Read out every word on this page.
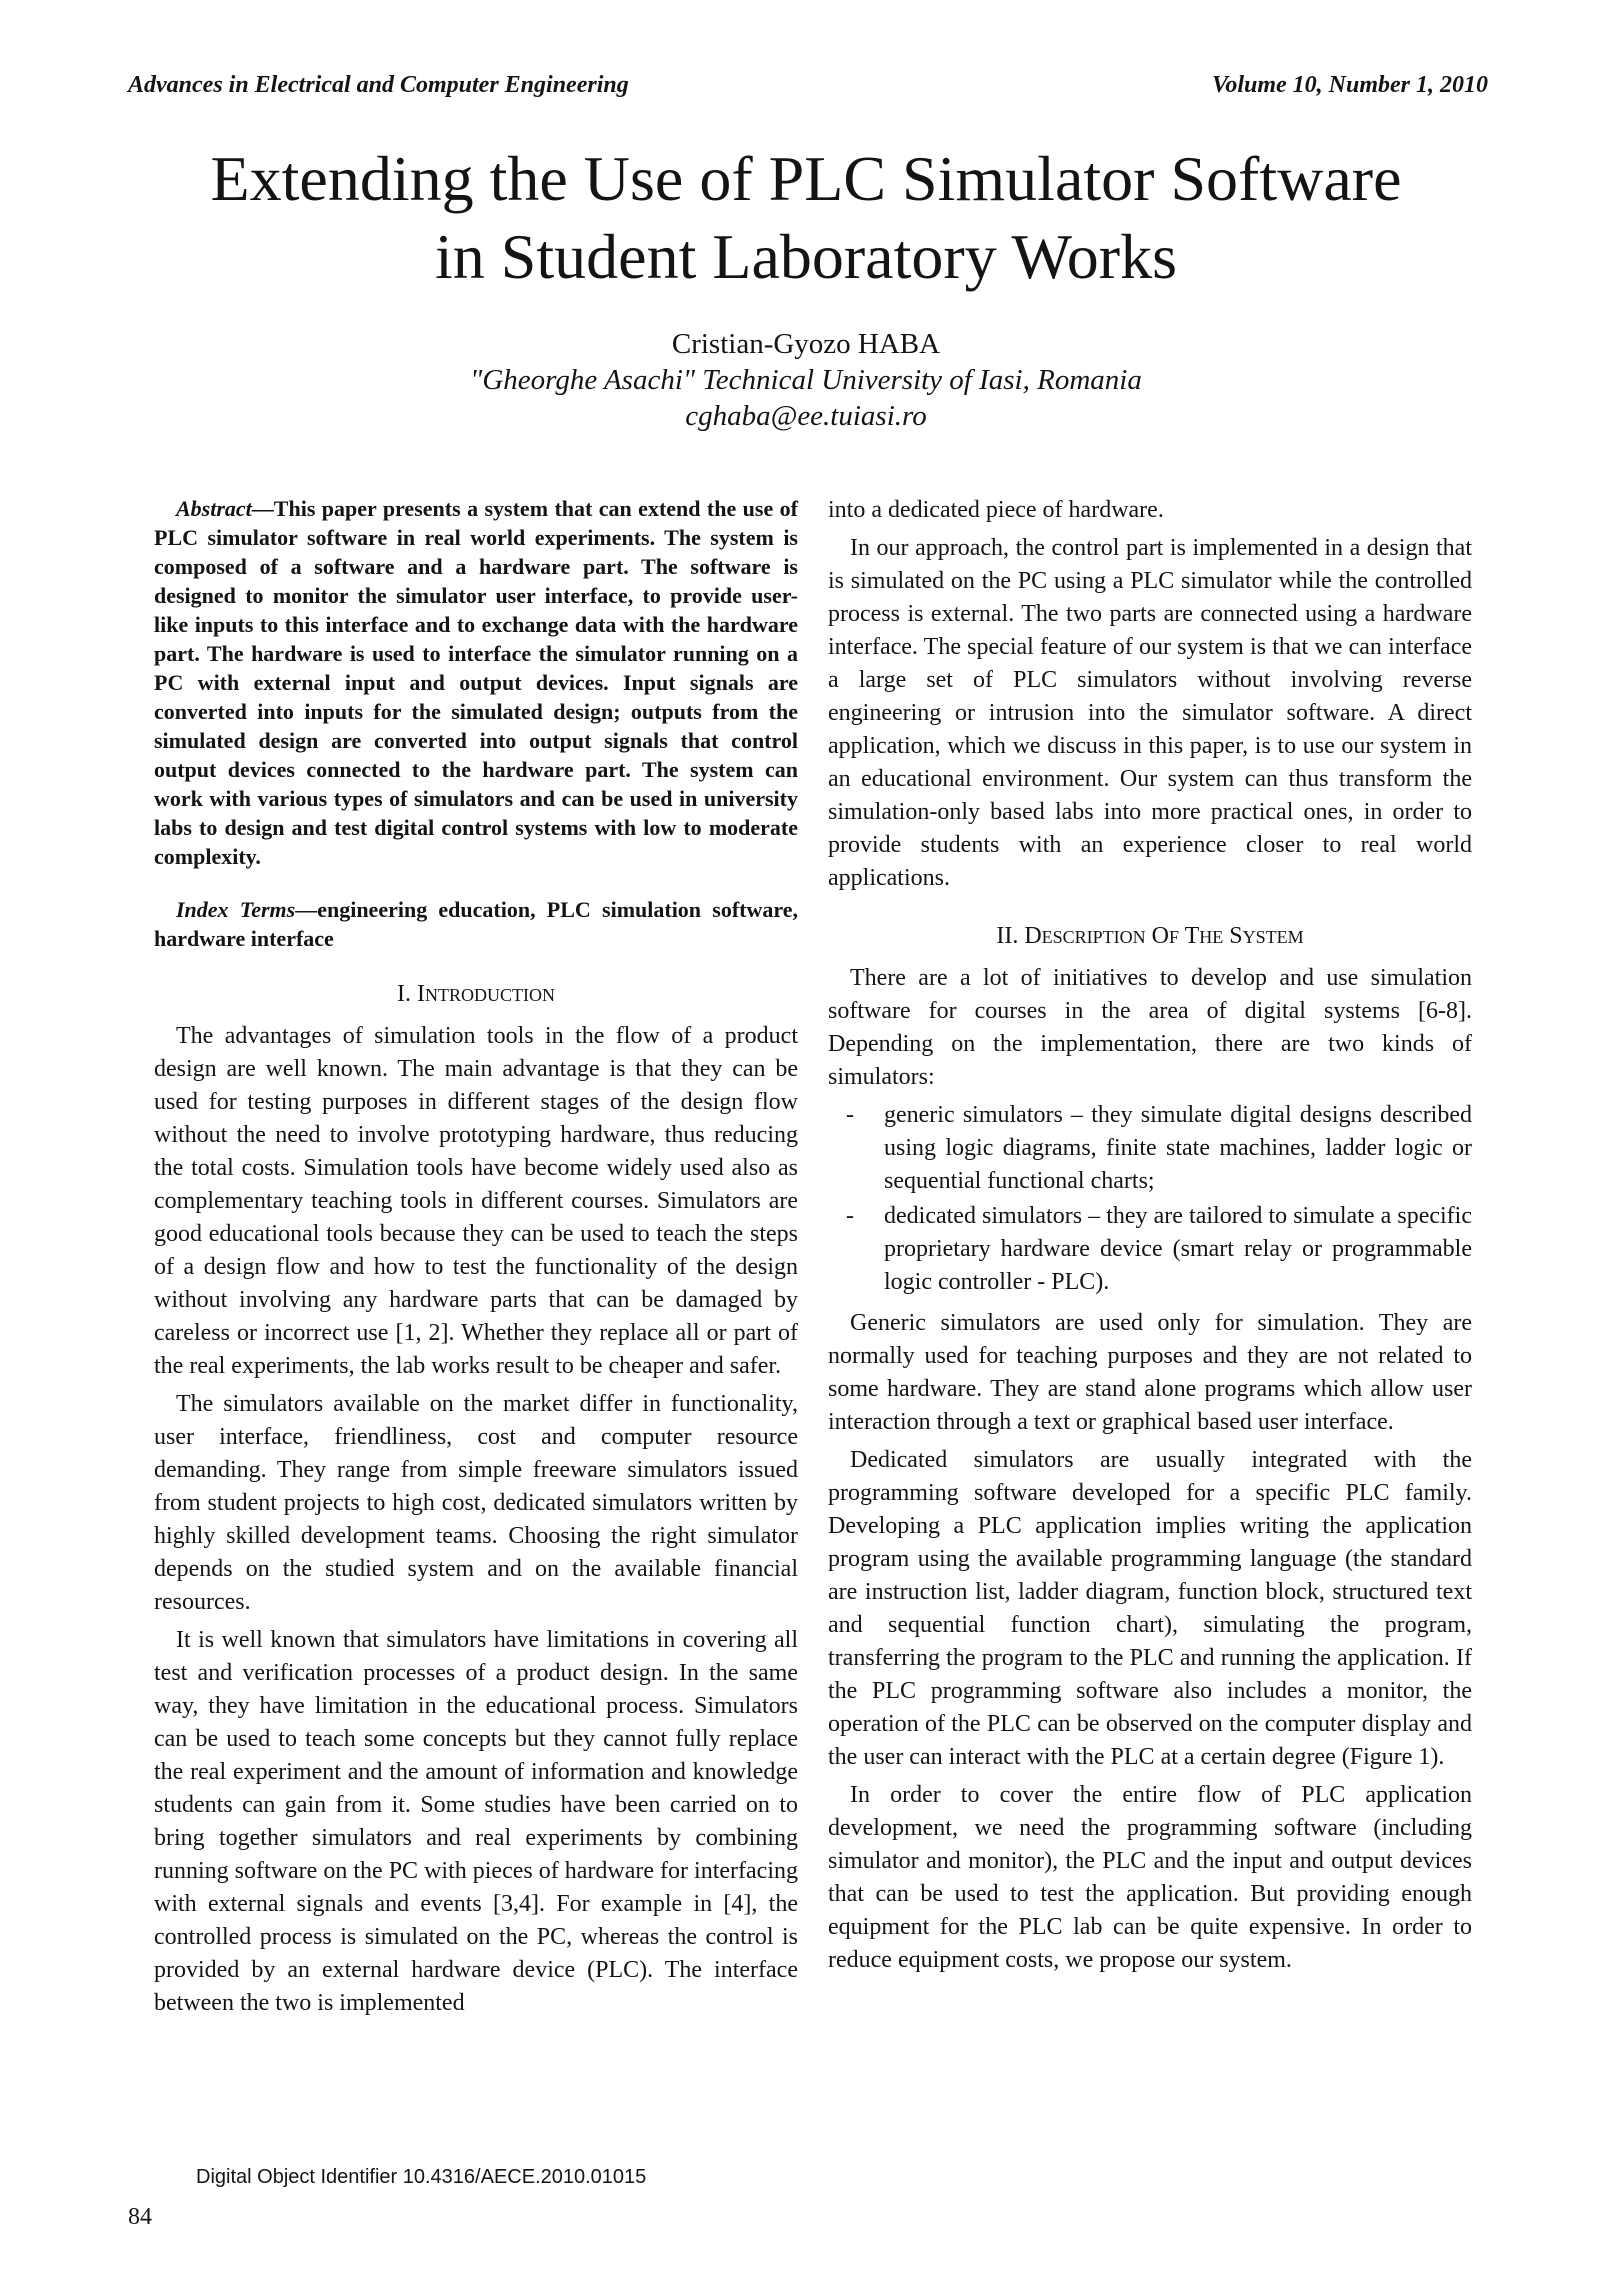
Advances in Electrical and Computer Engineering	Volume 10, Number 1, 2010
Extending the Use of PLC Simulator Software
in Student Laboratory Works
Cristian-Gyozo HABA
"Gheorghe Asachi" Technical University of Iasi, Romania
cghaba@ee.tuiasi.ro

Abstract—This paper presents a system that can extend the use of PLC simulator software in real world experiments. The system is composed of a software and a hardware part. The software is designed to monitor the simulator user interface, to provide user-like inputs to this interface and to exchange data with the hardware part. The hardware is used to interface the simulator running on a PC with external input and output devices. Input signals are converted into inputs for the simulated design; outputs from the simulated design are converted into output signals that control output devices connected to the hardware part. The system can work with various types of simulators and can be used in university labs to design and test digital control systems with low to moderate complexity.

Index Terms—engineering education, PLC simulation software, hardware interface

I. INTRODUCTION

The advantages of simulation tools in the flow of a product design are well known. The main advantage is that they can be used for testing purposes in different stages of the design flow without the need to involve prototyping hardware, thus reducing the total costs. Simulation tools have become widely used also as complementary teaching tools in different courses. Simulators are good educational tools because they can be used to teach the steps of a design flow and how to test the functionality of the design without involving any hardware parts that can be damaged by careless or incorrect use [1, 2]. Whether they replace all or part of the real experiments, the lab works result to be cheaper and safer.

The simulators available on the market differ in functionality, user interface, friendliness, cost and computer resource demanding. They range from simple freeware simulators issued from student projects to high cost, dedicated simulators written by highly skilled development teams. Choosing the right simulator depends on the studied system and on the available financial resources.

It is well known that simulators have limitations in covering all test and verification processes of a product design. In the same way, they have limitation in the educational process. Simulators can be used to teach some concepts but they cannot fully replace the real experiment and the amount of information and knowledge students can gain from it. Some studies have been carried on to bring together simulators and real experiments by combining running software on the PC with pieces of hardware for interfacing with external signals and events [3,4]. For example in [4], the controlled process is simulated on the PC, whereas the control is provided by an external hardware device (PLC). The interface between the two is implemented

into a dedicated piece of hardware.

In our approach, the control part is implemented in a design that is simulated on the PC using a PLC simulator while the controlled process is external. The two parts are connected using a hardware interface. The special feature of our system is that we can interface a large set of PLC simulators without involving reverse engineering or intrusion into the simulator software. A direct application, which we discuss in this paper, is to use our system in an educational environment. Our system can thus transform the simulation-only based labs into more practical ones, in order to provide students with an experience closer to real world applications.

II. DESCRIPTION OF THE SYSTEM

There are a lot of initiatives to develop and use simulation software for courses in the area of digital systems [6-8]. Depending on the implementation, there are two kinds of simulators:

-	generic simulators – they simulate digital designs described using logic diagrams, finite state machines, ladder logic or sequential functional charts;
-	dedicated simulators – they are tailored to simulate a specific proprietary hardware device (smart relay or programmable logic controller - PLC).

Generic simulators are used only for simulation. They are normally used for teaching purposes and they are not related to some hardware. They are stand alone programs which allow user interaction through a text or graphical based user interface.

Dedicated simulators are usually integrated with the programming software developed for a specific PLC family. Developing a PLC application implies writing the application program using the available programming language (the standard are instruction list, ladder diagram, function block, structured text and sequential function chart), simulating the program, transferring the program to the PLC and running the application. If the PLC programming software also includes a monitor, the operation of the PLC can be observed on the computer display and the user can interact with the PLC at a certain degree (Figure 1).

In order to cover the entire flow of PLC application development, we need the programming software (including simulator and monitor), the PLC and the input and output devices that can be used to test the application. But providing enough equipment for the PLC lab can be quite expensive. In order to reduce equipment costs, we propose our system.

Digital Object Identifier 10.4316/AECE.2010.01015
84
